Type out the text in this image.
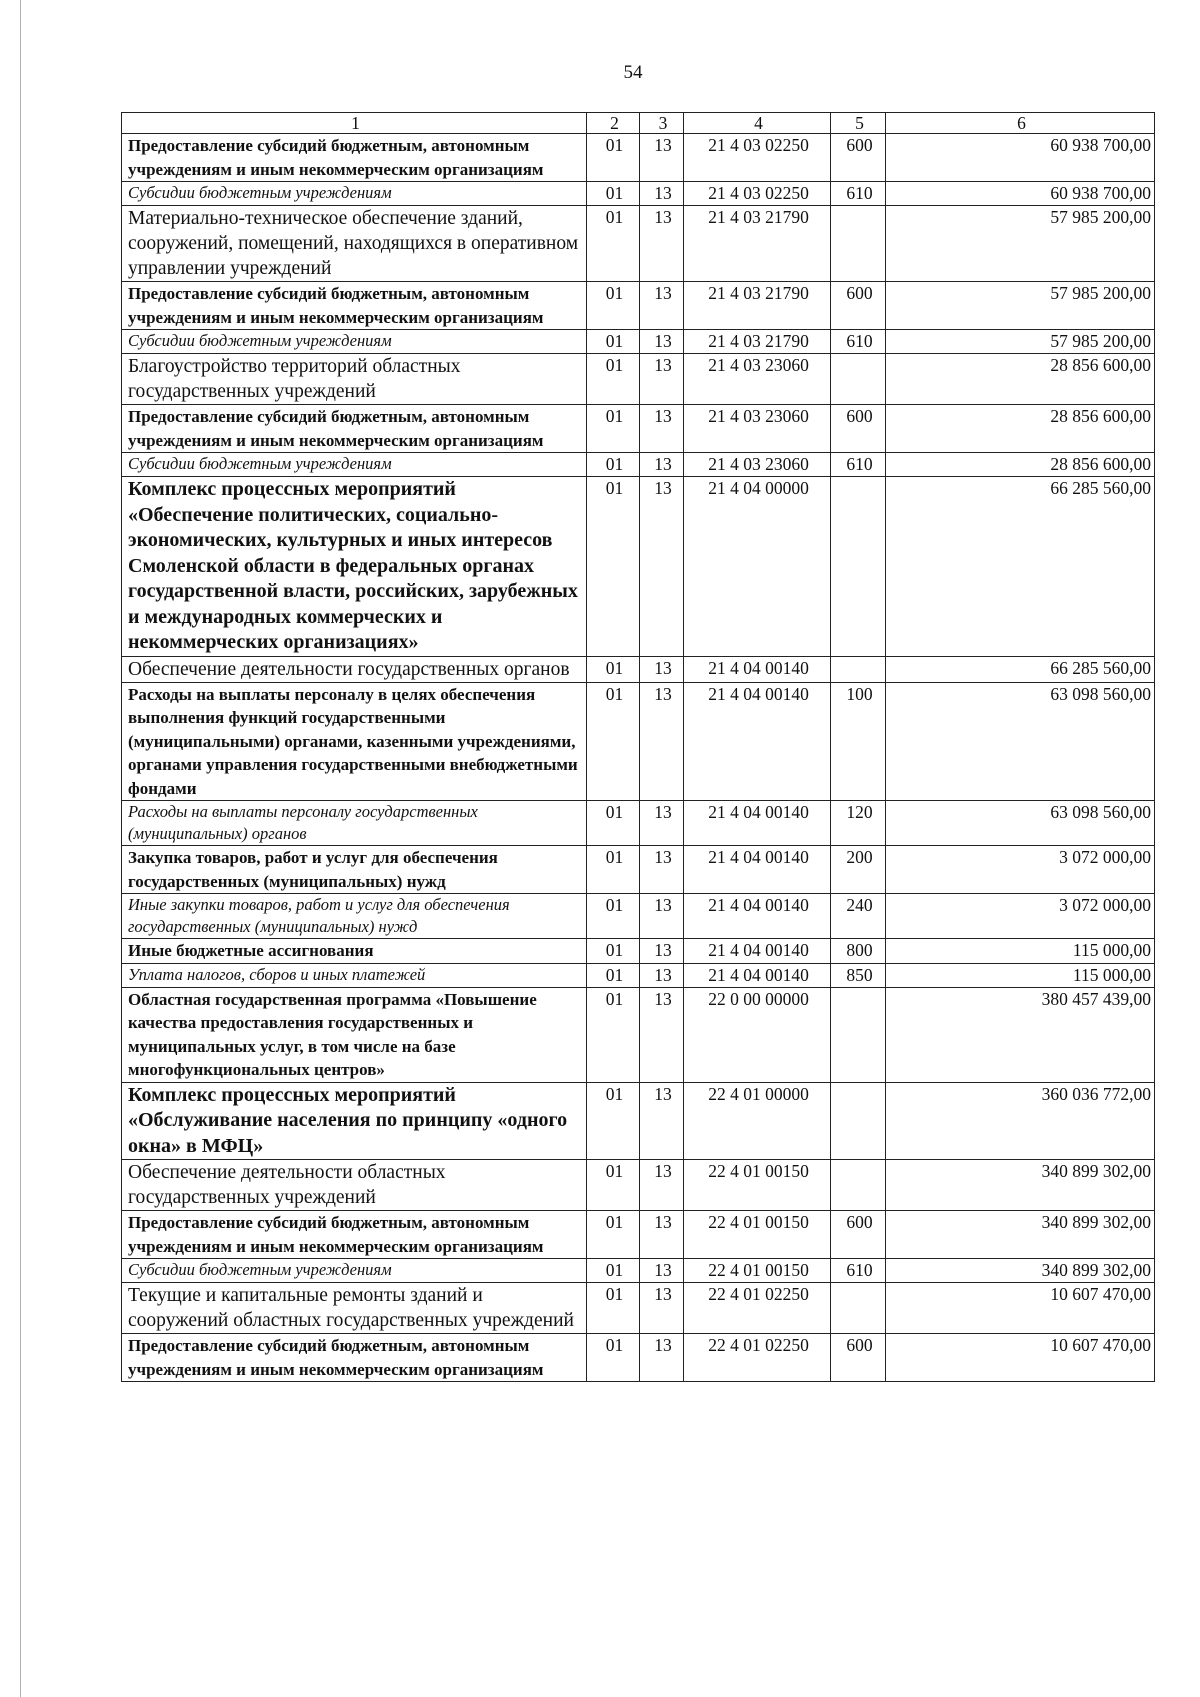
54
1	2	3	4	5	6
Предоставление субсидий бюджетным, автономным учреждениям и иным некоммерческим организациям	01	13	21 4 03 02250	600	60 938 700,00
Субсидии бюджетным учреждениям	01	13	21 4 03 02250	610	60 938 700,00
Материально-техническое обеспечение зданий, сооружений, помещений, находящихся в оперативном управлении учреждений	01	13	21 4 03 21790		57 985 200,00
Предоставление субсидий бюджетным, автономным учреждениям и иным некоммерческим организациям	01	13	21 4 03 21790	600	57 985 200,00
Субсидии бюджетным учреждениям	01	13	21 4 03 21790	610	57 985 200,00
Благоустройство территорий областных государственных учреждений	01	13	21 4 03 23060		28 856 600,00
Предоставление субсидий бюджетным, автономным учреждениям и иным некоммерческим организациям	01	13	21 4 03 23060	600	28 856 600,00
Субсидии бюджетным учреждениям	01	13	21 4 03 23060	610	28 856 600,00
Комплекс процессных мероприятий «Обеспечение политических, социально-экономических, культурных и иных интересов Смоленской области в федеральных органах государственной власти, российских, зарубежных и международных коммерческих и некоммерческих организациях»	01	13	21 4 04 00000		66 285 560,00
Обеспечение деятельности государственных органов	01	13	21 4 04 00140		66 285 560,00
Расходы на выплаты персоналу в целях обеспечения выполнения функций государственными (муниципальными) органами, казенными учреждениями, органами управления государственными внебюджетными фондами	01	13	21 4 04 00140	100	63 098 560,00
Расходы на выплаты персоналу государственных (муниципальных) органов	01	13	21 4 04 00140	120	63 098 560,00
Закупка товаров, работ и услуг для обеспечения государственных (муниципальных) нужд	01	13	21 4 04 00140	200	3 072 000,00
Иные закупки товаров, работ и услуг для обеспечения государственных (муниципальных) нужд	01	13	21 4 04 00140	240	3 072 000,00
Иные бюджетные ассигнования	01	13	21 4 04 00140	800	115 000,00
Уплата налогов, сборов и иных платежей	01	13	21 4 04 00140	850	115 000,00
Областная государственная программа «Повышение качества предоставления государственных и муниципальных услуг, в том числе на базе многофункциональных центров»	01	13	22 0 00 00000		380 457 439,00
Комплекс процессных мероприятий «Обслуживание населения по принципу «одного окна» в МФЦ»	01	13	22 4 01 00000		360 036 772,00
Обеспечение деятельности областных государственных учреждений	01	13	22 4 01 00150		340 899 302,00
Предоставление субсидий бюджетным, автономным учреждениям и иным некоммерческим организациям	01	13	22 4 01 00150	600	340 899 302,00
Субсидии бюджетным учреждениям	01	13	22 4 01 00150	610	340 899 302,00
Текущие и капитальные ремонты зданий и сооружений областных государственных учреждений	01	13	22 4 01 02250		10 607 470,00
Предоставление субсидий бюджетным, автономным учреждениям и иным некоммерческим организациям	01	13	22 4 01 02250	600	10 607 470,00
